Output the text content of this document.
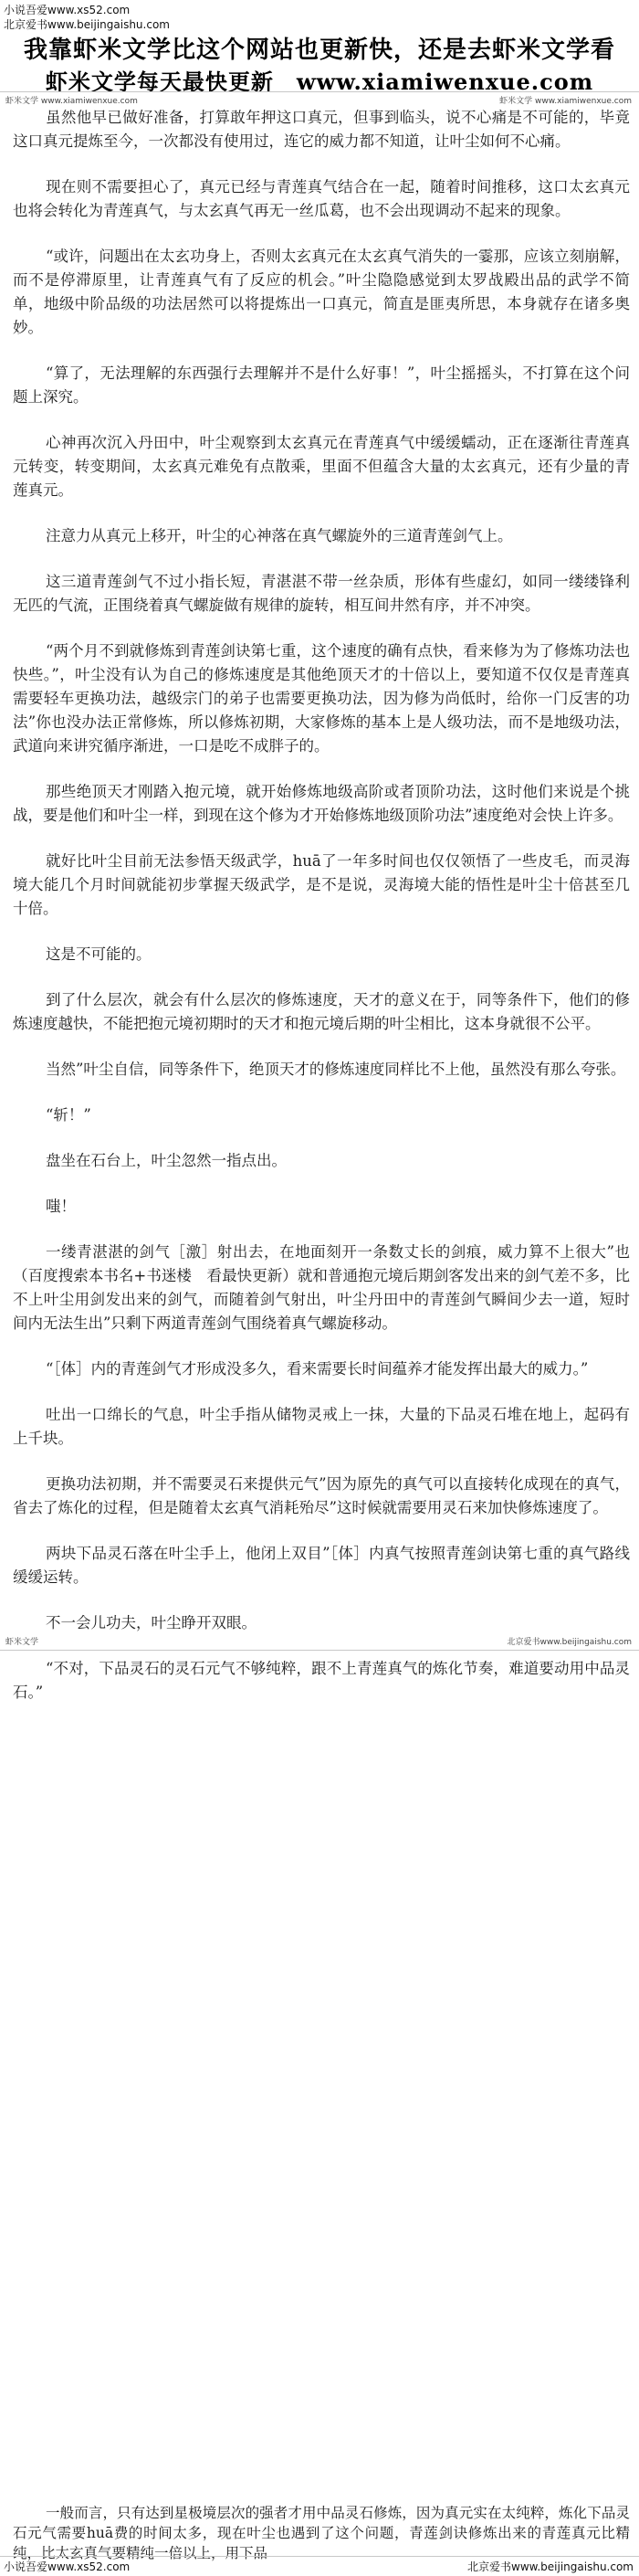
小说吾爱www.xs52.com
北京爱书www.beijingaishu.com
我靠虾米文学比这个网站也更新快，还是去虾米文学看
虾米文学每天最快更新　www.xiamiwenxue.com
虾米文学 www.xiamiwenxue.com	虾米文学 www.xiamiwenxue.com

虽然他早已做好准备，打算敢年押这口真元，但事到临头，说不心痛是不可能的，毕竟这口真元提炼至今，一次都没有使用过，连它的威力都不知道，让叶尘如何不心痛。

现在则不需要担心了，真元已经与青莲真气结合在一起，随着时间推移，这口太玄真元也将会转化为青莲真气，与太玄真气再无一丝瓜葛，也不会出现调动不起来的现象。

“或许，问题出在太玄功身上，否则太玄真元在太玄真气消失的一霎那，应该立刻崩解，而不是停滞原里，让青莲真气有了反应的机会。”叶尘隐隐感觉到太罗战殿出品的武学不简单，地级中阶品级的功法居然可以将提炼出一口真元，简直是匪夷所思，本身就存在诸多奥妙。

“算了，无法理解的东西强行去理解并不是什么好事！”，叶尘摇摇头，不打算在这个问题上深究。

心神再次沉入丹田中，叶尘观察到太玄真元在青莲真气中缓缓蠕动，正在逐渐往青莲真元转变，转变期间，太玄真元难免有点散乘，里面不但蕴含大量的太玄真元，还有少量的青莲真元。

注意力从真元上移开，叶尘的心神落在真气螺旋外的三道青莲剑气上。

这三道青莲剑气不过小指长短，青湛湛不带一丝杂质，形体有些虚幻，如同一缕缕锋利无匹的气流，正围绕着真气螺旋做有规律的旋转，相互间井然有序，并不冲突。

“两个月不到就修炼到青莲剑诀第七重，这个速度的确有点快，看来修为为了修炼功法也快些。”，叶尘没有认为自己的修炼速度是其他绝顶天才的十倍以上，要知道不仅仅是青莲真需要轻车更换功法，越级宗门的弟子也需要更换功法，因为修为尚低时，给你一门反害的功法”你也没办法正常修炼，所以修炼初期，大家修炼的基本上是人级功法，而不是地级功法，武道向来讲究循序渐进，一口是吃不成胖子的。

那些绝顶天才刚踏入抱元境，就开始修炼地级高阶或者顶阶功法，这时他们来说是个挑战，要是他们和叶尘一样，到现在这个修为才开始修炼地级顶阶功法”速度绝对会快上许多。

就好比叶尘目前无法参悟天级武学，huā了一年多时间也仅仅领悟了一些皮毛，而灵海境大能几个月时间就能初步掌握天级武学，是不是说，灵海境大能的悟性是叶尘十倍甚至几十倍。

这是不可能的。

到了什么层次，就会有什么层次的修炼速度，天才的意义在于，同等条件下，他们的修炼速度越快，不能把抱元境初期时的天才和抱元境后期的叶尘相比，这本身就很不公平。

当然”叶尘自信，同等条件下，绝顶天才的修炼速度同样比不上他，虽然没有那么夸张。

“斩！”

盘坐在石台上，叶尘忽然一指点出。

嗤！

一缕青湛湛的剑气［激］射出去，在地面刻开一条数丈长的剑痕，威力算不上很大”也（百度搜索本书名+书迷楼　看最快更新）就和普通抱元境后期剑客发出来的剑气差不多，比不上叶尘用剑发出来的剑气，而随着剑气射出，叶尘丹田中的青莲剑气瞬间少去一道，短时间内无法生出”只剩下两道青莲剑气围绕着真气螺旋移动。

“［体］内的青莲剑气才形成没多久，看来需要长时间蕴养才能发挥出最大的威力。”

吐出一口绵长的气息，叶尘手指从储物灵戒上一抹，大量的下品灵石堆在地上，起码有上千块。

更换功法初期，并不需要灵石来提供元气”因为原先的真气可以直接转化成现在的真气，省去了炼化的过程，但是随着太玄真气消耗殆尽”这时候就需要用灵石来加快修炼速度了。

两块下品灵石落在叶尘手上，他闭上双目”［体］内真气按照青莲剑诀第七重的真气路线缓缓运转。

不一会儿功夫，叶尘睁开双眼。

“不对，下品灵石的灵石元气不够纯粹，跟不上青莲真气的炼化节奏，难道要动用中品灵石。”

虾米文学	北京爱书www.beijingaishu.com

一般而言，只有达到星极境层次的强者才用中品灵石修炼，因为真元实在太纯粹，炼化下品灵石元气需要huā费的时间太多，现在叶尘也遇到了这个问题，青莲剑诀修炼出来的青莲真元比精纯，比太玄真气要精纯一倍以上，用下品

小说吾爱www.xs52.com	北京爱书www.beijingaishu.com
